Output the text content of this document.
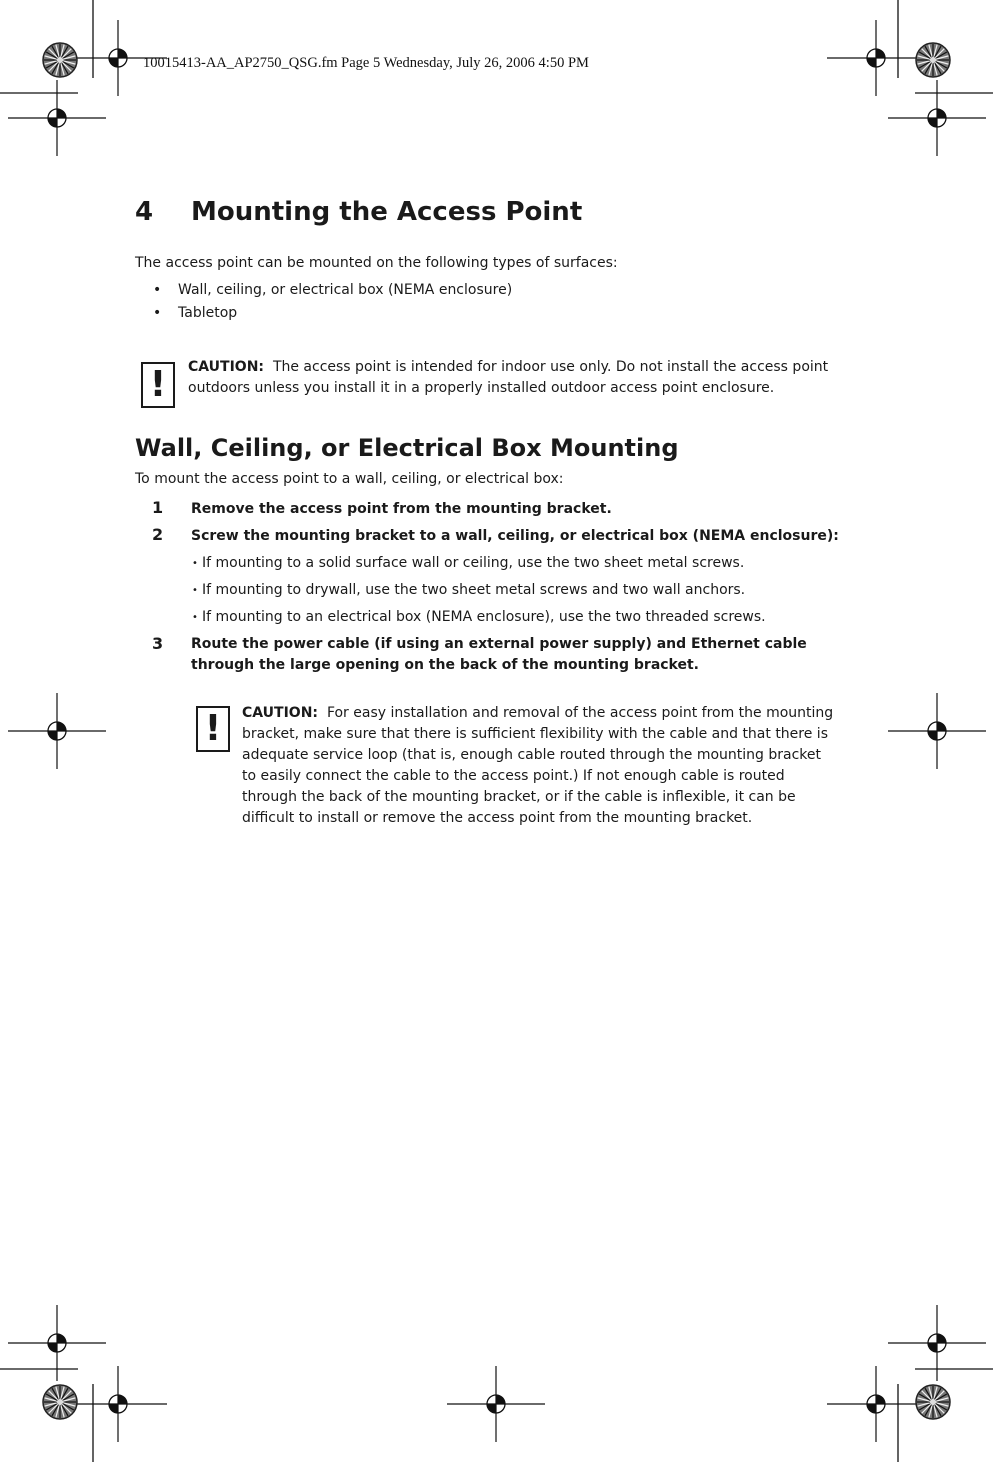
10015413-AA_AP2750_QSG.fm Page 5 Wednesday, July 26, 2006 4:50 PM
4 Mounting the Access Point
The access point can be mounted on the following types of surfaces:
• Wall, ceiling, or electrical box (NEMA enclosure)
• Tabletop
!	CAUTION: The access point is intended for indoor use only. Do not install the access point outdoors unless you install it in a properly installed outdoor access point enclosure.
Wall, Ceiling, or Electrical Box Mounting
To mount the access point to a wall, ceiling, or electrical box:
1 Remove the access point from the mounting bracket.
2 Screw the mounting bracket to a wall, ceiling, or electrical box (NEMA enclosure):
• If mounting to a solid surface wall or ceiling, use the two sheet metal screws.
• If mounting to drywall, use the two sheet metal screws and two wall anchors.
• If mounting to an electrical box (NEMA enclosure), use the two threaded screws.
3 Route the power cable (if using an external power supply) and Ethernet cable through the large opening on the back of the mounting bracket.
!	CAUTION: For easy installation and removal of the access point from the mounting bracket, make sure that there is sufficient flexibility with the cable and that there is adequate service loop (that is, enough cable routed through the mounting bracket to easily connect the cable to the access point.) If not enough cable is routed through the back of the mounting bracket, or if the cable is inflexible, it can be difficult to install or remove the access point from the mounting bracket.
